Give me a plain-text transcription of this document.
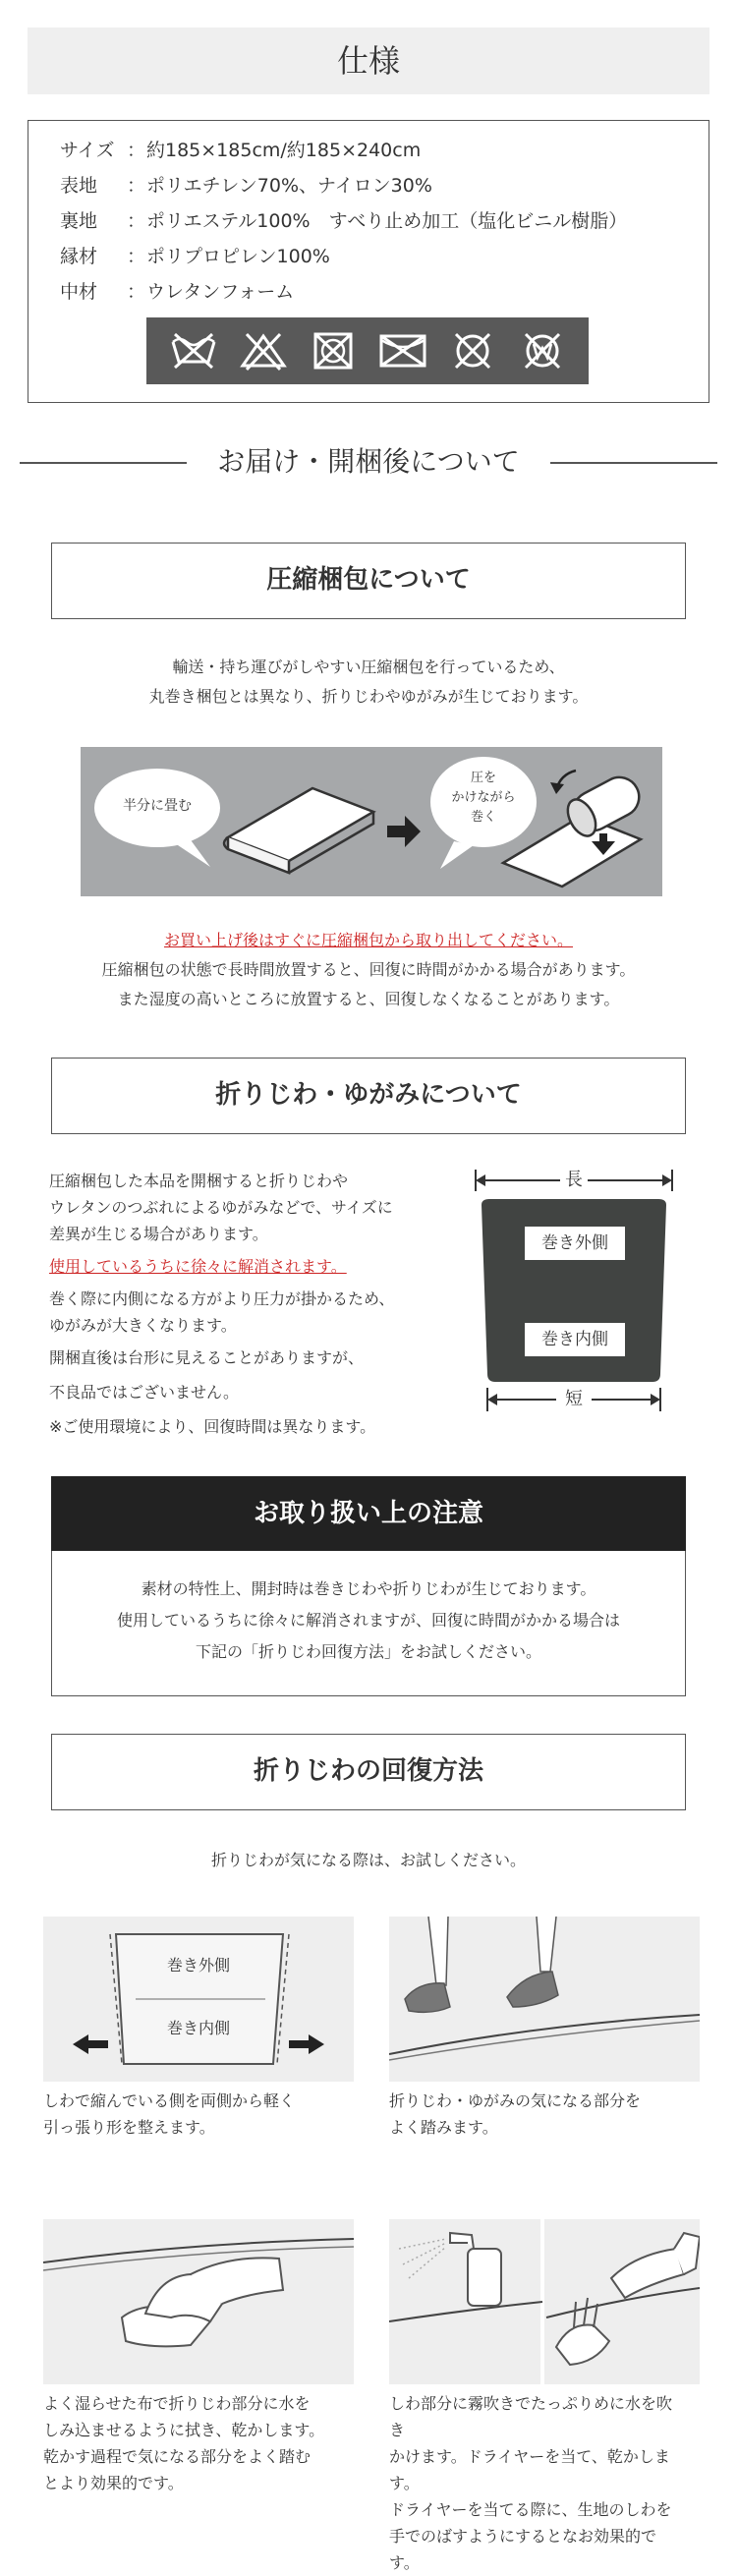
仕様
サイズ ：約185×185cm/約185×240cm
表地 ：ポリエチレン70%、ナイロン30%
裏地 ：ポリエステル100%　すべり止め加工（塩化ビニル樹脂）
縁材 ：ポリプロピレン100%
中材 ：ウレタンフォーム
お届け・開梱後について
圧縮梱包について
輸送・持ち運びがしやすい圧縮梱包を行っているため、
丸巻き梱包とは異なり、折りじわやゆがみが生じております。
半分に畳む
圧を
かけながら
巻く
お買い上げ後はすぐに圧縮梱包から取り出してください。
圧縮梱包の状態で長時間放置すると、回復に時間がかかる場合があります。
また湿度の高いところに放置すると、回復しなくなることがあります。
折りじわ・ゆがみについて
圧縮梱包した本品を開梱すると折りじわや
ウレタンのつぶれによるゆがみなどで、サイズに
差異が生じる場合があります。
使用しているうちに徐々に解消されます。
巻く際に内側になる方がより圧力が掛かるため、
ゆがみが大きくなります。
開梱直後は台形に見えることがありますが、
不良品ではございません。
※ご使用環境により、回復時間は異なります。
長
短
巻き外側
巻き内側
お取り扱い上の注意
素材の特性上、開封時は巻きじわや折りじわが生じております。
使用しているうちに徐々に解消されますが、回復に時間がかかる場合は
下記の「折りじわ回復方法」をお試しください。
折りじわの回復方法
折りじわが気になる際は、お試しください。
巻き外側
巻き内側
しわで縮んでいる側を両側から軽く
引っ張り形を整えます。
折りじわ・ゆがみの気になる部分を
よく踏みます。
よく湿らせた布で折りじわ部分に水を
しみ込ませるように拭き、乾かします。
乾かす過程で気になる部分をよく踏む
とより効果的です。
しわ部分に霧吹きでたっぷりめに水を吹き
かけます。ドライヤーを当て、乾かします。
ドライヤーを当てる際に、生地のしわを
手でのばすようにするとなお効果的です。
